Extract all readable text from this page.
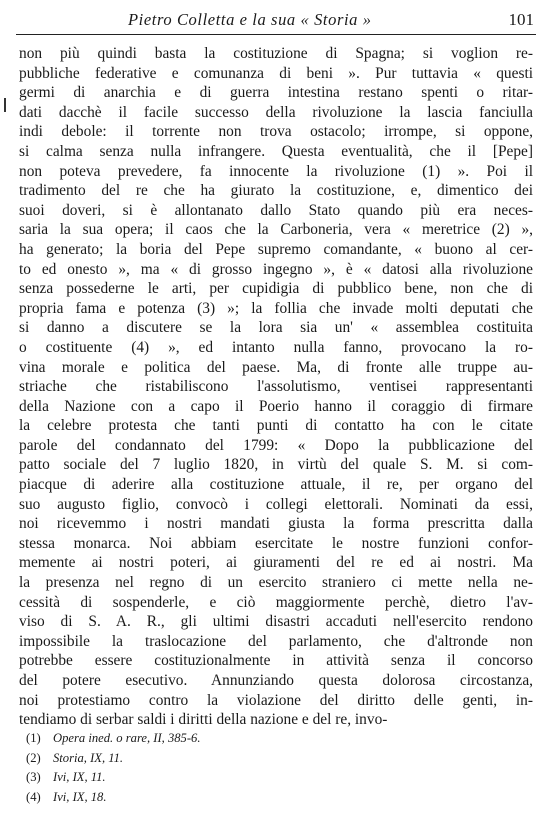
Pietro Colletta e la sua « Storia »	101
non più quindi basta la costituzione di Spagna; si voglion re-
pubbliche federative e comunanza di beni ». Pur tuttavia « questi
germi di anarchia e di guerra intestina restano spenti o ritar-
dati dacchè il facile successo della rivoluzione la lascia fanciulla
indi debole: il torrente non trova ostacolo; irrompe, si oppone,
si calma senza nulla infrangere. Questa eventualità, che il [Pepe]
non poteva prevedere, fa innocente la rivoluzione (1) ». Poi il
tradimento del re che ha giurato la costituzione, e, dimentico dei
suoi doveri, si è allontanato dallo Stato quando più era neces-
saria la sua opera; il caos che la Carboneria, vera « meretrice (2) »,
ha generato; la boria del Pepe supremo comandante, « buono al cer-
to ed onesto », ma « di grosso ingegno », è « datosi alla rivoluzione
senza possederne le arti, per cupidigia di pubblico bene, non che di
propria fama e potenza (3) »; la follia che invade molti deputati che
si danno a discutere se la lora sia un' « assemblea costituita
o costituente (4) », ed intanto nulla fanno, provocano la ro-
vina morale e politica del paese. Ma, di fronte alle truppe au-
striache che ristabiliscono l'assolutismo, ventisei rappresentanti
della Nazione con a capo il Poerio hanno il coraggio di firmare
la celebre protesta che tanti punti di contatto ha con le citate
parole del condannato del 1799: « Dopo la pubblicazione del
patto sociale del 7 luglio 1820, in virtù del quale S. M. si com-
piacque di aderire alla costituzione attuale, il re, per organo del
suo augusto figlio, convocò i collegi elettorali. Nominati da essi,
noi ricevemmo i nostri mandati giusta la forma prescritta dalla
stessa monarca. Noi abbiam esercitate le nostre funzioni confor-
memente ai nostri poteri, ai giuramenti del re ed ai nostri. Ma
la presenza nel regno di un esercito straniero ci mette nella ne-
cessità di sospenderle, e ciò maggiormente perchè, dietro l'av-
viso di S. A. R., gli ultimi disastri accaduti nell'esercito rendono
impossibile la traslocazione del parlamento, che d'altronde non
potrebbe essere costituzionalmente in attività senza il concorso
del potere esecutivo. Annunziando questa dolorosa circostanza,
noi protestiamo contro la violazione del diritto delle genti, in-
tendiamo di serbar saldi i diritti della nazione e del re, invo-
(1) Opera ined. o rare, II, 385-6.
(2) Storia, IX, 11.
(3) Ivi, IX, 11.
(4) Ivi, IX, 18.
